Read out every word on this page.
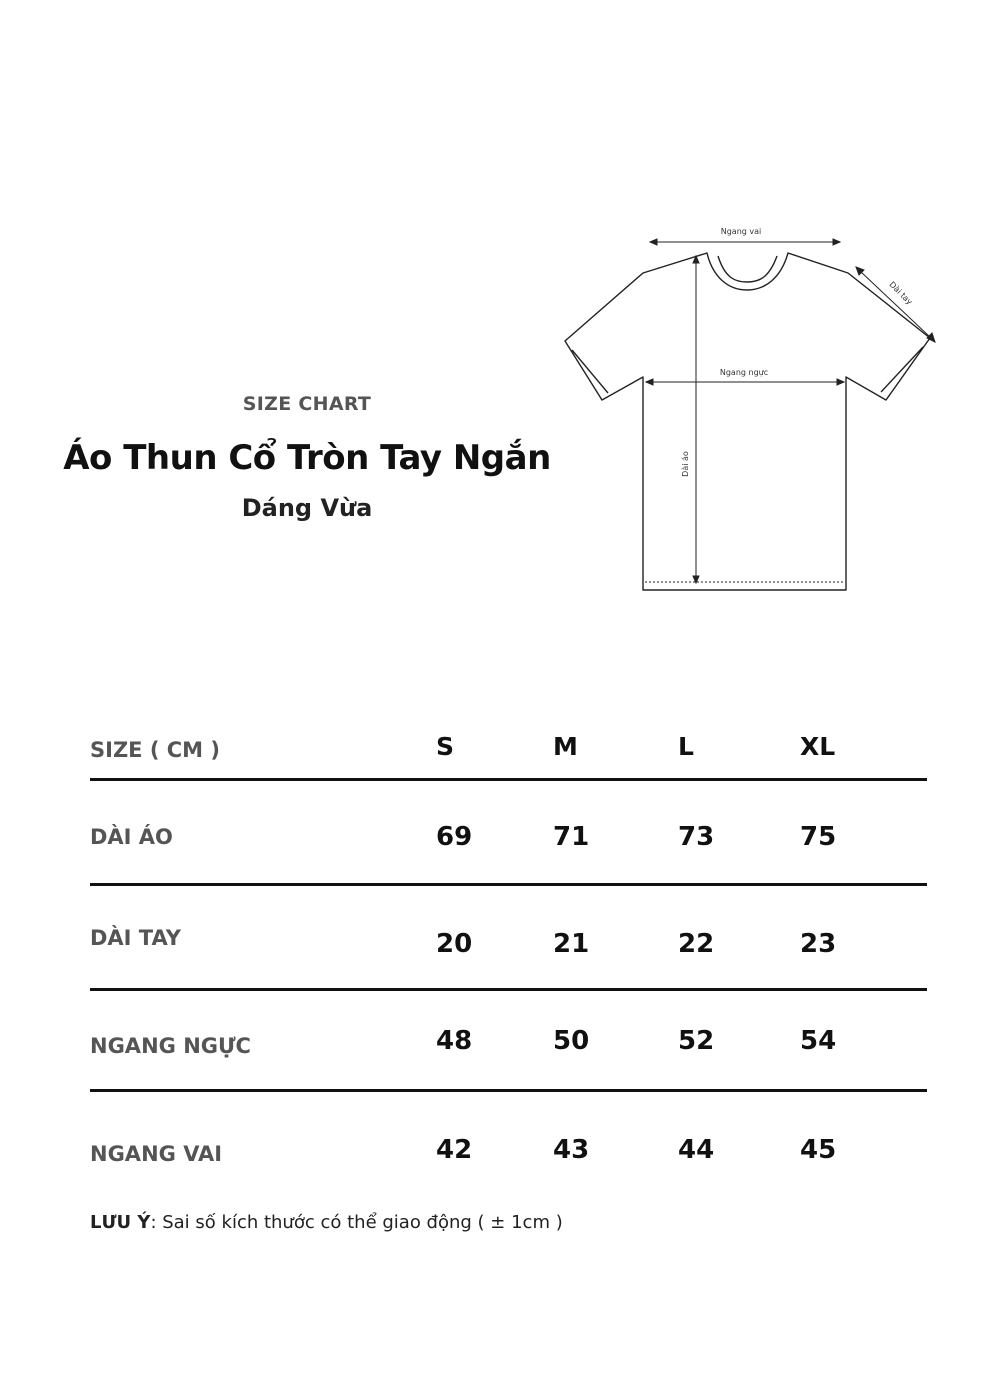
SIZE CHART
Áo Thun Cổ Tròn Tay Ngắn
Dáng Vừa
Ngang vai
Ngang ngực
Dài áo
Dài tay
SIZE ( CM )	S	M	L	XL
DÀI ÁO	69	71	73	75
DÀI TAY	20	21	22	23
NGANG NGỰC	48	50	52	54
NGANG VAI	42	43	44	45
LƯU Ý: Sai số kích thước có thể giao động ( ± 1cm )
